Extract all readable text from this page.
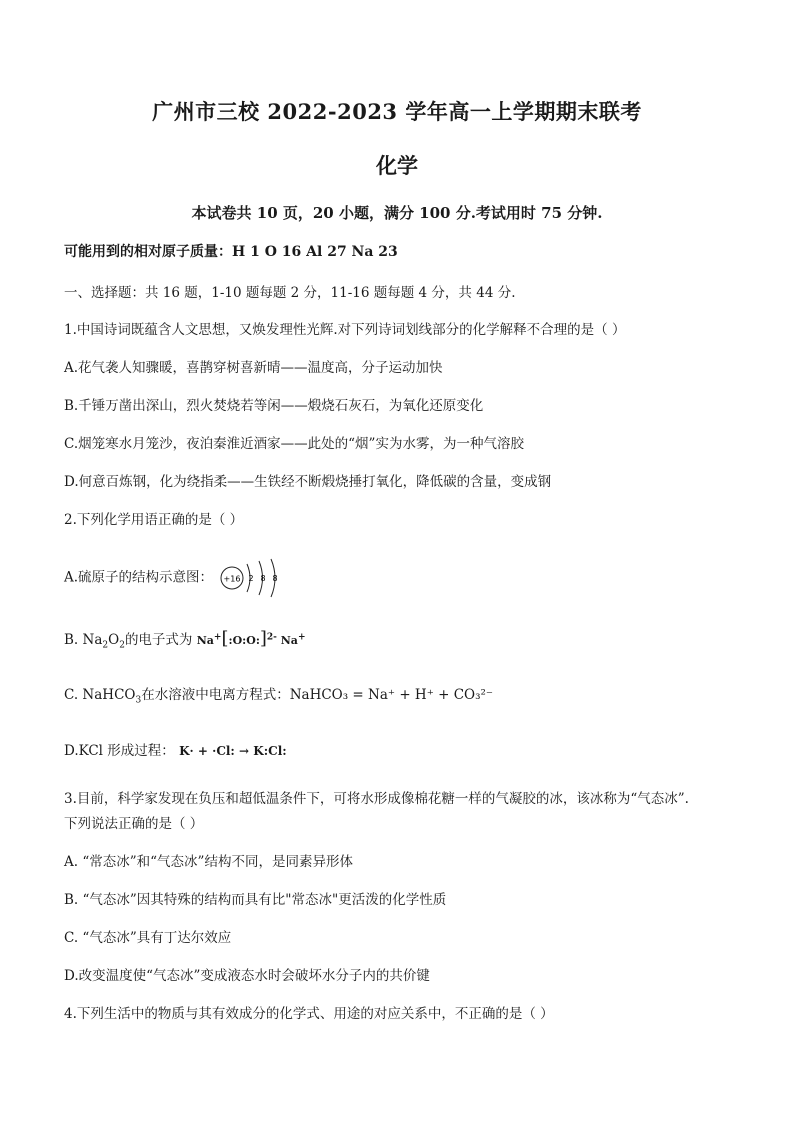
广州市三校 2022-2023 学年高一上学期期末联考
化学
本试卷共 10 页，20 小题，满分 100 分.考试用时 75 分钟.
可能用到的相对原子质量：H 1 O 16 Al 27 Na 23
一、选择题：共 16 题，1-10 题每题 2 分，11-16 题每题 4 分，共 44 分.
1.中国诗词既蕴含人文思想，又焕发理性光辉.对下列诗词划线部分的化学解释不合理的是（ ）
A.花气袭人知骤暖，喜鹊穿树喜新晴——温度高，分子运动加快
B.千锤万凿出深山，烈火焚烧若等闲——煅烧石灰石，为氧化还原变化
C.烟笼寒水月笼沙，夜泊秦淮近酒家——此处的“烟”实为水雾，为一种气溶胶
D.何意百炼钢，化为绕指柔——生铁经不断煅烧捶打氧化，降低碳的含量，变成钢
2.下列化学用语正确的是（ ）
A.硫原子的结构示意图： +16 2 8 8
B. $Na_2O_2$的电子式为 Na+[:O:O:]$^{2-}$ Na+
C. NaHCO$_3$在水溶液中电离方程式：NaHCO₃ = Na⁺ + H⁺ + CO₃²⁻
D.KCl 形成过程： K· + ·Cl: → K:Cl:
3.目前，科学家发现在负压和超低温条件下，可将水形成像棉花糖一样的气凝胶的冰，该冰称为“气态冰”.
下列说法正确的是（ ）
A. “常态冰”和“气态冰”结构不同，是同素异形体
B. “气态冰”因其特殊的结构而具有比"常态冰"更活泼的化学性质
C. “气态冰”具有丁达尔效应
D.改变温度使“气态冰”变成液态水时会破坏水分子内的共价键
4.下列生活中的物质与其有效成分的化学式、用途的对应关系中，不正确的是（ ）
